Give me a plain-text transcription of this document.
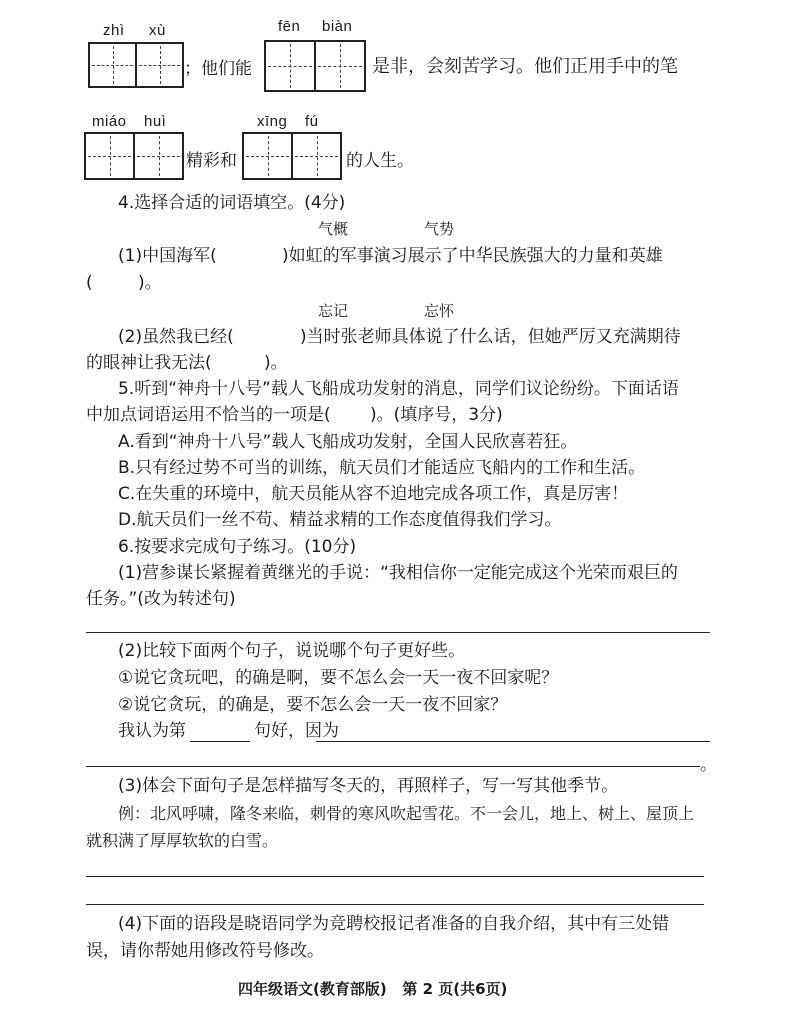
zhì xù
；他们能
fēn biàn
是非，会刻苦学习。他们正用手中的笔
miáo huì
精彩和
xīng fú
的人生。
4.选择合适的词语填空。(4分)
气概	气势
(1)中国海军(	)如虹的军事演习展示了中华民族强大的力量和英雄
(	)。
忘记	忘怀
(2)虽然我已经(	)当时张老师具体说了什么话，但她严厉又充满期待
的眼神让我无法(	)。
5.听到“神舟十八号”载人飞船成功发射的消息，同学们议论纷纷。下面话语
中加点词语运用不恰当的一项是( )。(填序号，3分)
A.看到“神舟十八号”载人飞船成功发射，全国人民欣喜若狂。
B.只有经过势不可当的训练，航天员们才能适应飞船内的工作和生活。
C.在失重的环境中，航天员能从容不迫地完成各项工作，真是厉害！
D.航天员们一丝不苟、精益求精的工作态度值得我们学习。
6.按要求完成句子练习。(10分)
(1)营参谋长紧握着黄继光的手说：“我相信你一定能完成这个光荣而艰巨的
任务。”(改为转述句)
(2)比较下面两个句子，说说哪个句子更好些。
①说它贪玩吧，的确是啊，要不怎么会一天一夜不回家呢？
②说它贪玩，的确是，要不怎么会一天一夜不回家？
我认为第	句好，因为
。
(3)体会下面句子是怎样描写冬天的，再照样子，写一写其他季节。
例：北风呼啸，隆冬来临，刺骨的寒风吹起雪花。不一会儿，地上、树上、屋顶上
就积满了厚厚软软的白雪。
(4)下面的语段是晓语同学为竞聘校报记者准备的自我介绍，其中有三处错
误，请你帮她用修改符号修改。
四年级语文(教育部版)   第 2 页(共6页)
